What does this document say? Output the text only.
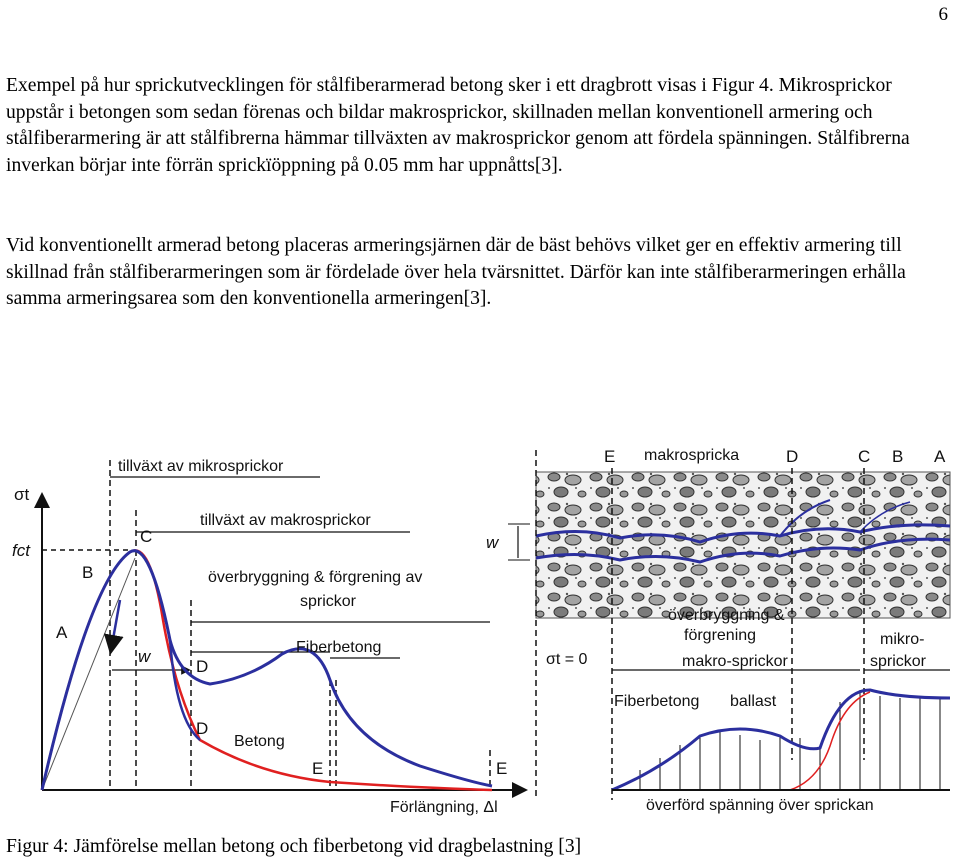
6

Exempel på hur sprickutvecklingen för stålfiberarmerad betong sker i ett dragbrott visas i Figur 4. Mikrosprickor uppstår i betongen som sedan förenas och bildar makrosprickor, skillnaden mellan konventionell armering och stålfiberarmering är att stålfibrerna hämmar tillväxten av makrosprickor genom att fördela spänningen. Stålfibrerna inverkan börjar inte förrän sprickïöppning på 0.05 mm har uppnåtts[3].

Vid konventionellt armerad betong placeras armeringsjärnen där de bäst behövs vilket ger en effektiv armering till skillnad från stålfiberarmeringen som är fördelade över hela tvärsnittet. Därför kan inte stålfiberarmeringen erhålla samma armeringsarea som den konventionella armeringen[3].

tillväxt av mikrosprickor
tillväxt av makrosprickor
överbryggning & förgrening av
sprickor
Fiberbetong
Betong
Förlängning, Δl
σt
fct
w
A
B
C
D
D
E	E
E makrospricka	D	C B A
w
σt = 0
överbryggning &
förgrening
makro-sprickor
mikro-
sprickor
Fiberbetong ballast
överförd spänning över sprickan
Figur 4: Jämförelse mellan betong och fiberbetong vid dragbelastning [3]
